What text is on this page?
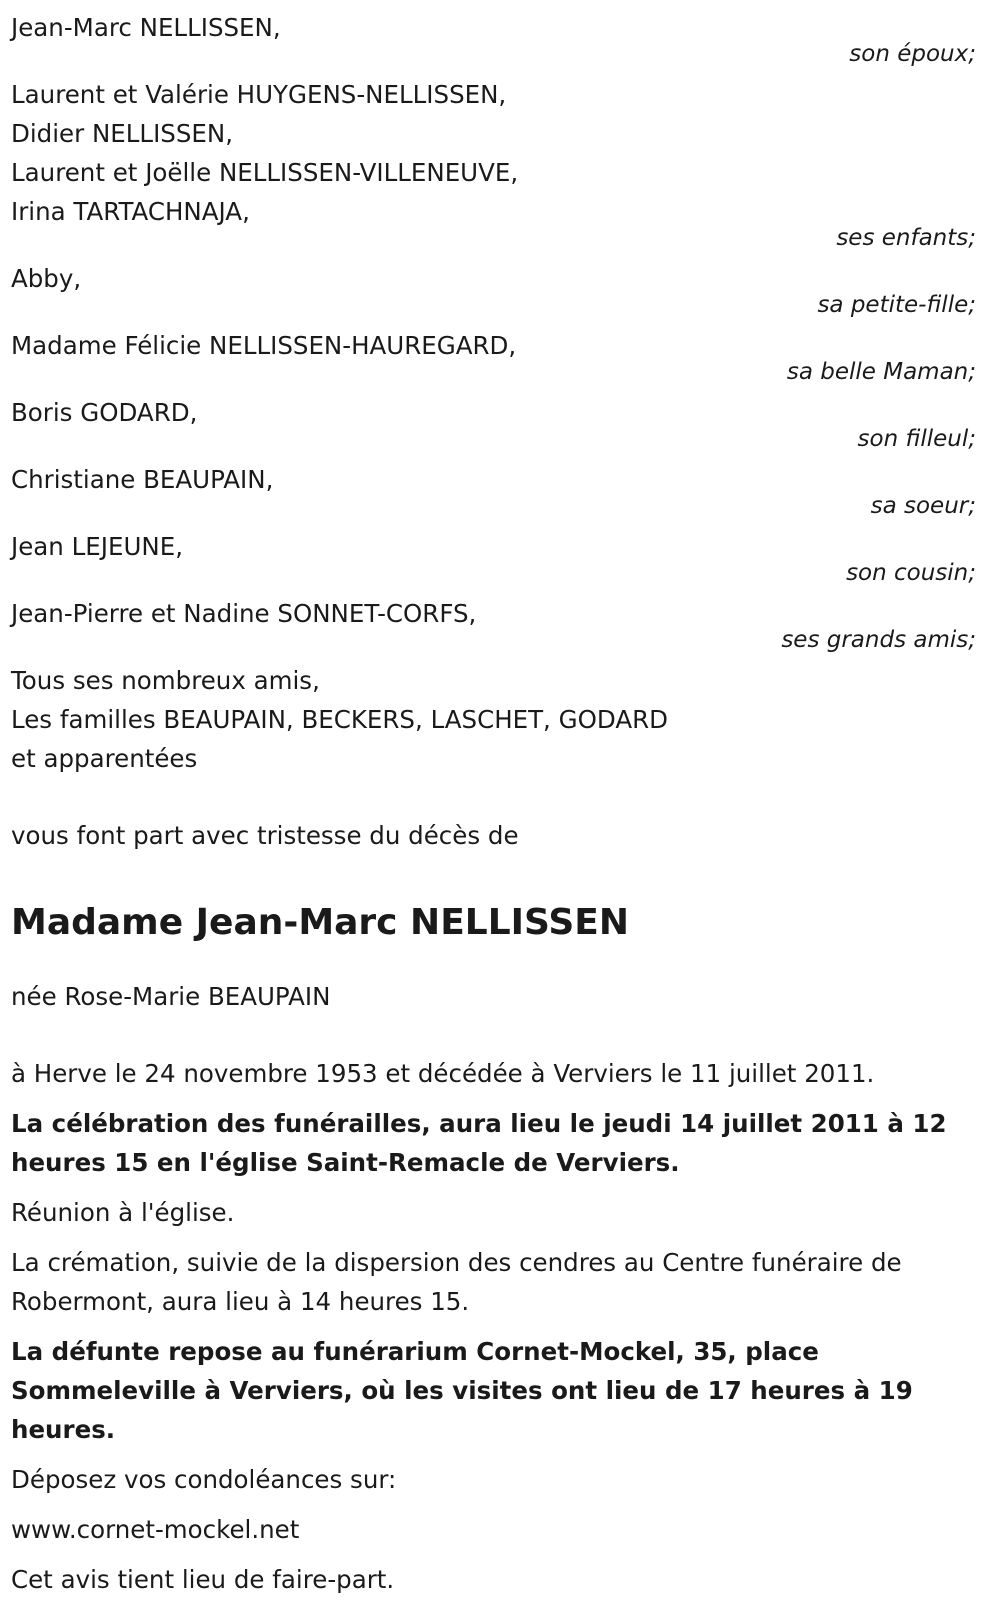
Jean-Marc NELLISSEN,
son époux;
Laurent et Valérie HUYGENS-NELLISSEN,
Didier NELLISSEN,
Laurent et Joëlle NELLISSEN-VILLENEUVE,
Irina TARTACHNAJA,
ses enfants;
Abby,
sa petite-fille;
Madame Félicie NELLISSEN-HAUREGARD,
sa belle Maman;
Boris GODARD,
son filleul;
Christiane BEAUPAIN,
sa soeur;
Jean LEJEUNE,
son cousin;
Jean-Pierre et Nadine SONNET-CORFS,
ses grands amis;
Tous ses nombreux amis,
Les familles BEAUPAIN, BECKERS, LASCHET, GODARD
et apparentées
vous font part avec tristesse du décès de
Madame Jean-Marc NELLISSEN
née Rose-Marie BEAUPAIN
à Herve le 24 novembre 1953 et décédée à Verviers le 11 juillet 2011.
La célébration des funérailles, aura lieu le jeudi 14 juillet 2011 à 12
heures 15 en l'église Saint-Remacle de Verviers.
Réunion à l'église.
La crémation, suivie de la dispersion des cendres au Centre funéraire de
Robermont, aura lieu à 14 heures 15.
La défunte repose au funérarium Cornet-Mockel, 35, place
Sommeleville à Verviers, où les visites ont lieu de 17 heures à 19
heures.
Déposez vos condoléances sur:
www.cornet-mockel.net
Cet avis tient lieu de faire-part.
